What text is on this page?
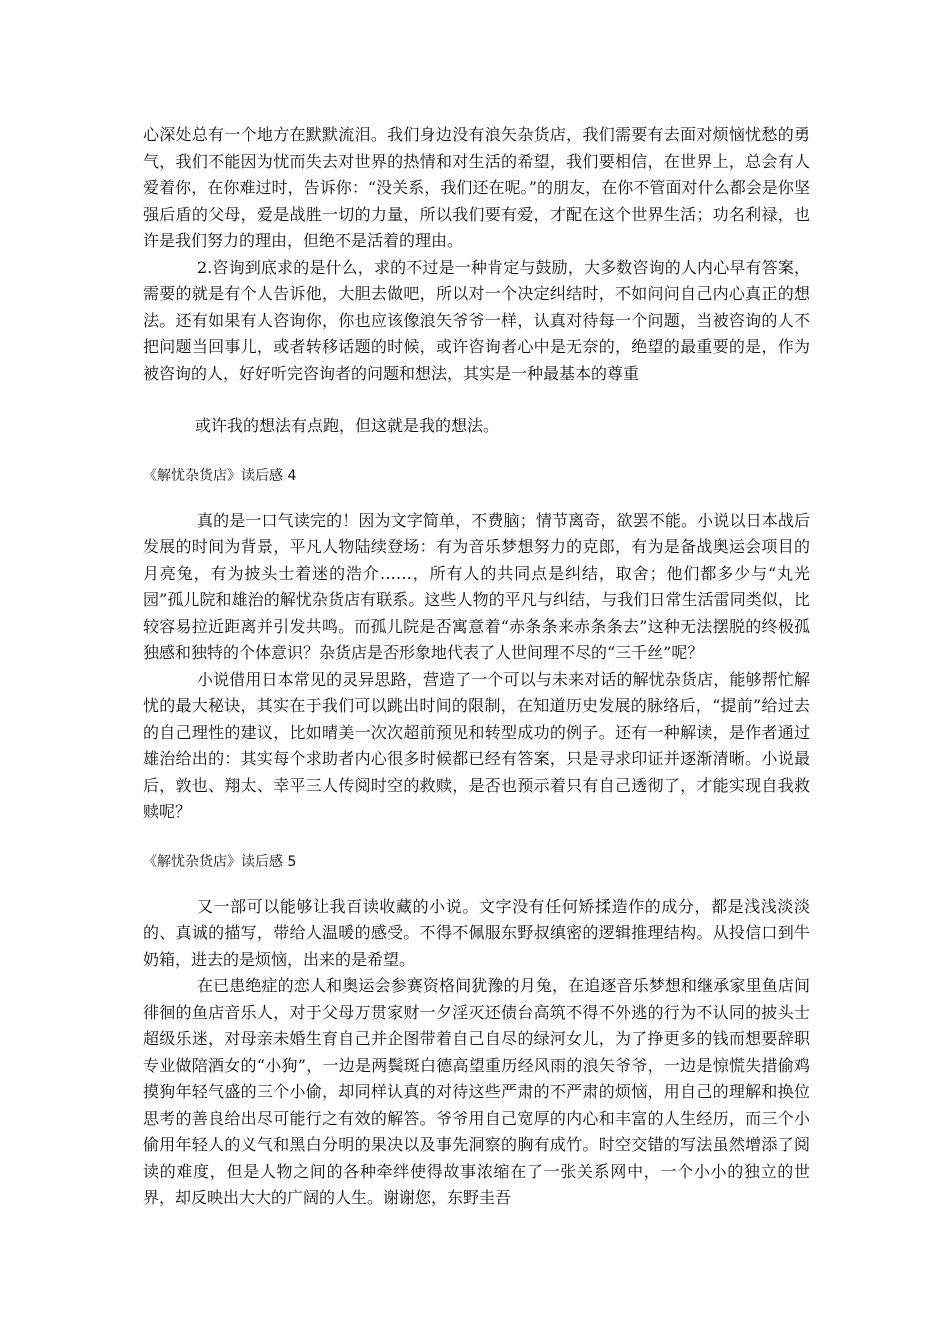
心深处总有一个地方在默默流泪。我们身边没有浪矢杂货店，我们需要有去面对烦恼忧愁的勇气，我们不能因为忧而失去对世界的热情和对生活的希望，我们要相信，在世界上，总会有人爱着你，在你难过时，告诉你：“没关系，我们还在呢。”的朋友，在你不管面对什么都会是你坚强后盾的父母，爱是战胜一切的力量，所以我们要有爱，才配在这个世界生活；功名利禄，也许是我们努力的理由，但绝不是活着的理由。

2.咨询到底求的是什么，求的不过是一种肯定与鼓励，大多数咨询的人内心早有答案，需要的就是有个人告诉他，大胆去做吧，所以对一个决定纠结时，不如问问自己内心真正的想法。还有如果有人咨询你，你也应该像浪矢爷爷一样，认真对待每一个问题，当被咨询的人不把问题当回事儿，或者转移话题的时候，或许咨询者心中是无奈的，绝望的最重要的是，作为被咨询的人，好好听完咨询者的问题和想法，其实是一种最基本的尊重

或许我的想法有点跑，但这就是我的想法。

《解忧杂货店》读后感 4

真的是一口气读完的！因为文字简单，不费脑；情节离奇，欲罢不能。小说以日本战后发展的时间为背景，平凡人物陆续登场：有为音乐梦想努力的克郎，有为是备战奥运会项目的月亮兔，有为披头士着迷的浩介……，所有人的共同点是纠结，取舍；他们都多少与“丸光园”孤儿院和雄治的解忧杂货店有联系。这些人物的平凡与纠结，与我们日常生活雷同类似，比较容易拉近距离并引发共鸣。而孤儿院是否寓意着“赤条条来赤条条去”这种无法摆脱的终极孤独感和独特的个体意识？杂货店是否形象地代表了人世间理不尽的“三千丝”呢？

小说借用日本常见的灵异思路，营造了一个可以与未来对话的解忧杂货店，能够帮忙解忧的最大秘诀，其实在于我们可以跳出时间的限制，在知道历史发展的脉络后，“提前”给过去的自己理性的建议，比如晴美一次次超前预见和转型成功的例子。还有一种解读，是作者通过雄治给出的：其实每个求助者内心很多时候都已经有答案，只是寻求印证并逐渐清晰。小说最后，敦也、翔太、幸平三人传阅时空的救赎，是否也预示着只有自己透彻了，才能实现自我救赎呢？

《解忧杂货店》读后感 5

又一部可以能够让我百读收藏的小说。文字没有任何矫揉造作的成分，都是浅浅淡淡的、真诚的描写，带给人温暖的感受。不得不佩服东野叔缜密的逻辑推理结构。从投信口到牛奶箱，进去的是烦恼，出来的是希望。

在已患绝症的恋人和奥运会参赛资格间犹豫的月兔，在追逐音乐梦想和继承家里鱼店间徘徊的鱼店音乐人，对于父母万贯家财一夕淫灭还债台高筑不得不外逃的行为不认同的披头士超级乐迷，对母亲未婚生育自己并企图带着自己自尽的绿河女儿，为了挣更多的钱而想要辞职专业做陪酒女的“小狗”，一边是两鬓斑白德高望重历经风雨的浪矢爷爷，一边是惊慌失措偷鸡摸狗年轻气盛的三个小偷，却同样认真的对待这些严肃的不严肃的烦恼，用自己的理解和换位思考的善良给出尽可能行之有效的解答。爷爷用自己宽厚的内心和丰富的人生经历，而三个小偷用年轻人的义气和黑白分明的果决以及事先洞察的胸有成竹。时空交错的写法虽然增添了阅读的难度，但是人物之间的各种牵绊使得故事浓缩在了一张关系网中，一个小小的独立的世界，却反映出大大的广阔的人生。谢谢您，东野圭吾
